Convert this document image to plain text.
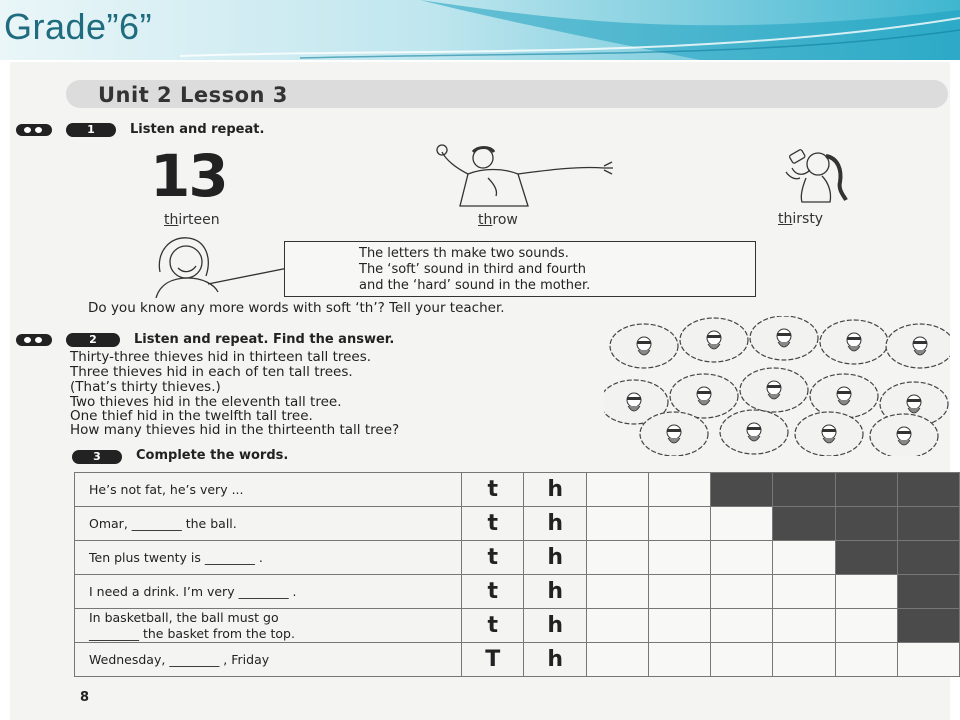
Grade”6”
Unit 2 Lesson 3
1	Listen and repeat.
13
thirteen	throw	thirsty
The letters th make two sounds.
The ‘soft’ sound in third and fourth
and the ‘hard’ sound in the mother.
Do you know any more words with soft ‘th’? Tell your teacher.
2	Listen and repeat. Find the answer.
Thirty-three thieves hid in thirteen tall trees.
Three thieves hid in each of ten tall trees.
(That’s thirty thieves.)
Two thieves hid in the eleventh tall tree.
One thief hid in the twelfth tall tree.
How many thieves hid in the thirteenth tall tree?
3	Complete the words.
He’s not fat, he’s very ...	t	h						

Omar, ________ the ball.	t	h						

Ten plus twenty is ________ .	t	h						

I need a drink. I’m very ________ .	t	h						

In basketball, the ball must go
________ the basket from the top.	t	h						

Wednesday, ________ , Friday	T	h						
8
